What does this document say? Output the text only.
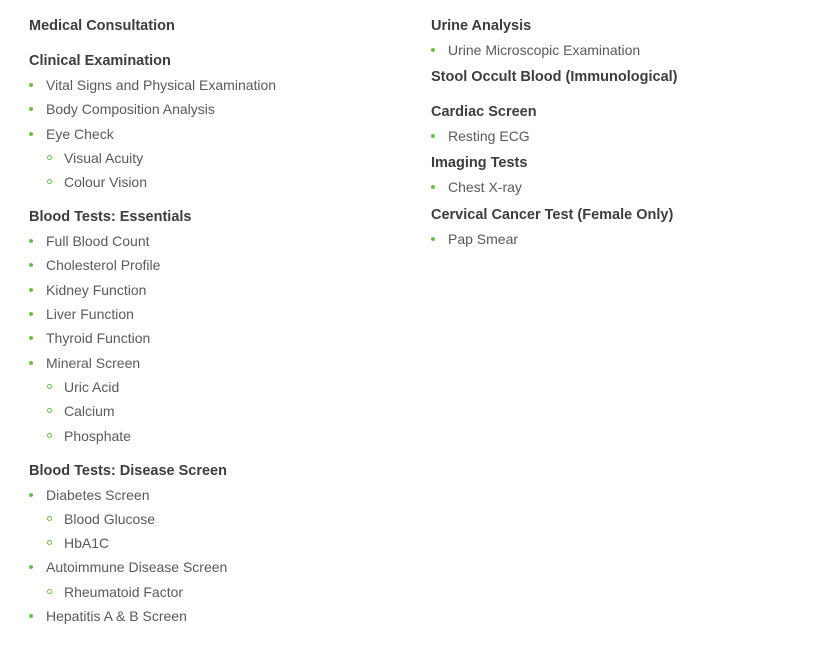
Medical Consultation
Clinical Examination
Vital Signs and Physical Examination
Body Composition Analysis
Eye Check
Visual Acuity
Colour Vision
Blood Tests: Essentials
Full Blood Count
Cholesterol Profile
Kidney Function
Liver Function
Thyroid Function
Mineral Screen
Uric Acid
Calcium
Phosphate
Blood Tests: Disease Screen
Diabetes Screen
Blood Glucose
HbA1C
Autoimmune Disease Screen
Rheumatoid Factor
Hepatitis A & B Screen
Urine Analysis
Urine Microscopic Examination
Stool Occult Blood (Immunological)
Cardiac Screen
Resting ECG
Imaging Tests
Chest X-ray
Cervical Cancer Test (Female Only)
Pap Smear
